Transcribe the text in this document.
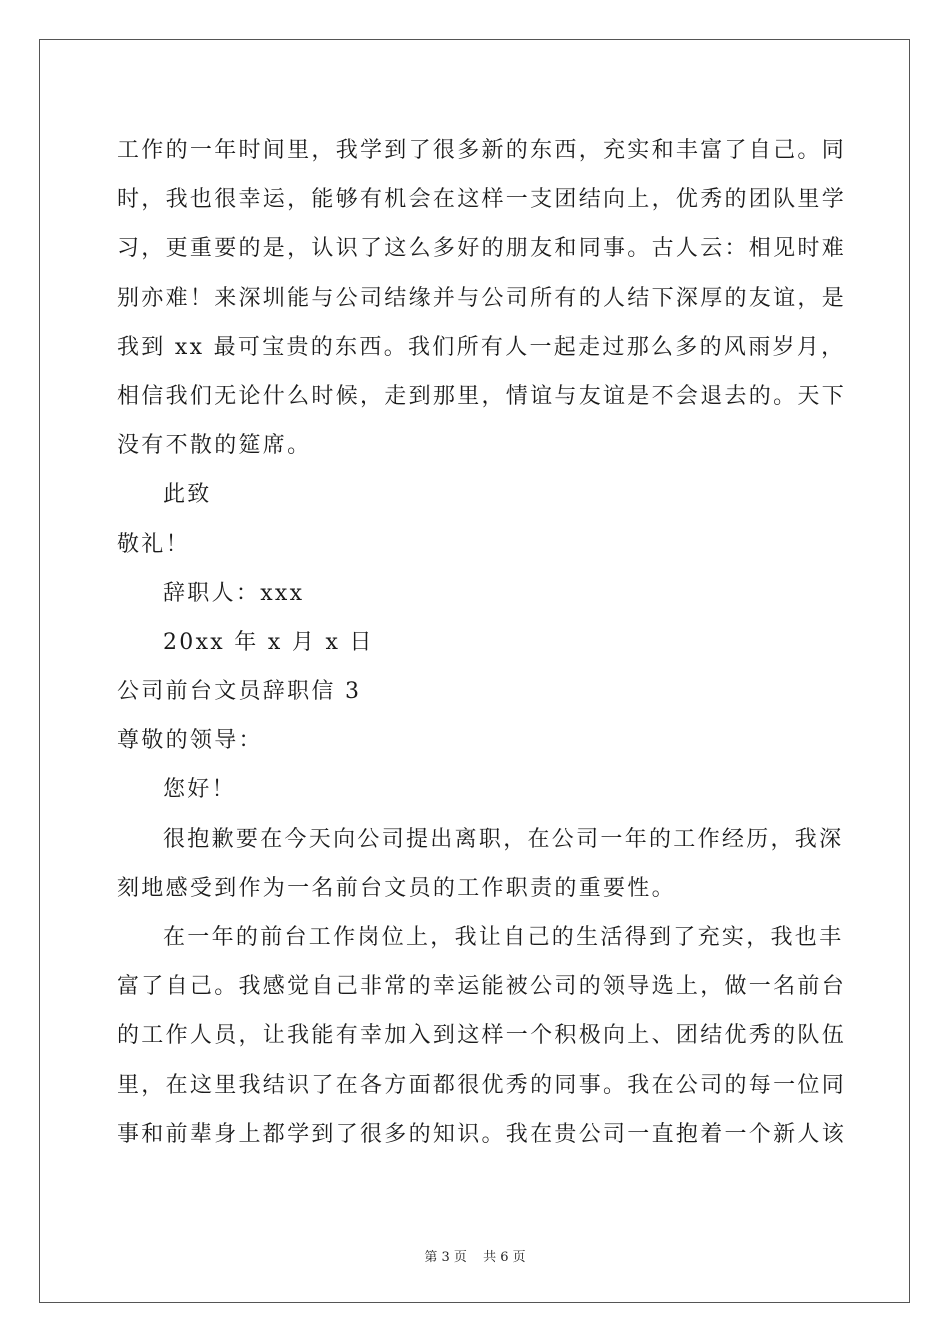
工作的一年时间里，我学到了很多新的东西，充实和丰富了自己。同
时，我也很幸运，能够有机会在这样一支团结向上，优秀的团队里学
习，更重要的是，认识了这么多好的朋友和同事。古人云：相见时难
别亦难！来深圳能与公司结缘并与公司所有的人结下深厚的友谊，是
我到 xx 最可宝贵的东西。我们所有人一起走过那么多的风雨岁月，
相信我们无论什么时候，走到那里，情谊与友谊是不会退去的。天下
没有不散的筵席。
此致
敬礼！
辞职人：xxx
20xx 年 x 月 x 日
公司前台文员辞职信 3
尊敬的领导：
您好！
很抱歉要在今天向公司提出离职，在公司一年的工作经历，我深
刻地感受到作为一名前台文员的工作职责的重要性。
在一年的前台工作岗位上，我让自己的生活得到了充实，我也丰
富了自己。我感觉自己非常的幸运能被公司的领导选上，做一名前台
的工作人员，让我能有幸加入到这样一个积极向上、团结优秀的队伍
里，在这里我结识了在各方面都很优秀的同事。我在公司的每一位同
事和前辈身上都学到了很多的知识。我在贵公司一直抱着一个新人该
第 3 页 共 6 页
